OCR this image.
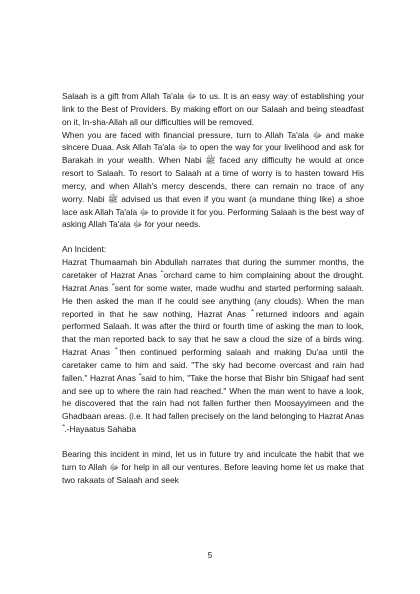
Salaah is a gift from Allah Ta'ala ﷻ to us. It is an easy way of establishing your link to the Best of Providers. By making effort on our Salaah and being steadfast on it, In-sha-Allah all our difficulties will be removed.

When you are faced with financial pressure, turn to Allah Ta'ala ﷻ and make sincere Duaa. Ask Allah Ta'ala ﷻ to open the way for your livelihood and ask for Barakah in your wealth. When Nabi ﷺ faced any difficulty he would at once resort to Salaah. To resort to Salaah at a time of worry is to hasten toward His mercy, and when Allah's mercy descends, there can remain no trace of any worry. Nabi ﷺ advised us that even if you want (a mundane thing like) a shoe lace ask Allah Ta'ala ﷻ to provide it for you. Performing Salaah is the best way of asking Allah Ta'ala ﷻ for your needs.

An Incident:

Hazrat Thumaamah bin Abdullah narrates that during the summer months, the caretaker of Hazrat Anas ؓ orchard came to him complaining about the drought. Hazrat Anas ؓ sent for some water, made wudhu and started performing salaah. He then asked the man if he could see anything (any clouds). When the man reported in that he saw nothing, Hazrat Anas ؓ returned indoors and again performed Salaah. It was after the third or fourth time of asking the man to look, that the man reported back to say that he saw a cloud the size of a birds wing. Hazrat Anas ؓ then continued performing salaah and making Du'aa until the caretaker came to him and said. "The sky had become overcast and rain had fallen." Hazrat Anas ؓ said to him, "Take the horse that Bishr bin Shigaaf had sent and see up to where the rain had reached." When the man went to have a look, he discovered that the rain had not fallen further then Moosayyimeen and the Ghadbaan areas. (i.e. It had fallen precisely on the land belonging to Hazrat Anas ؓ .-Hayaatus Sahaba

Bearing this incident in mind, let us in future try and inculcate the habit that we turn to Allah ﷻ for help in all our ventures. Before leaving home let us make that two rakaats of Salaah and seek

5
